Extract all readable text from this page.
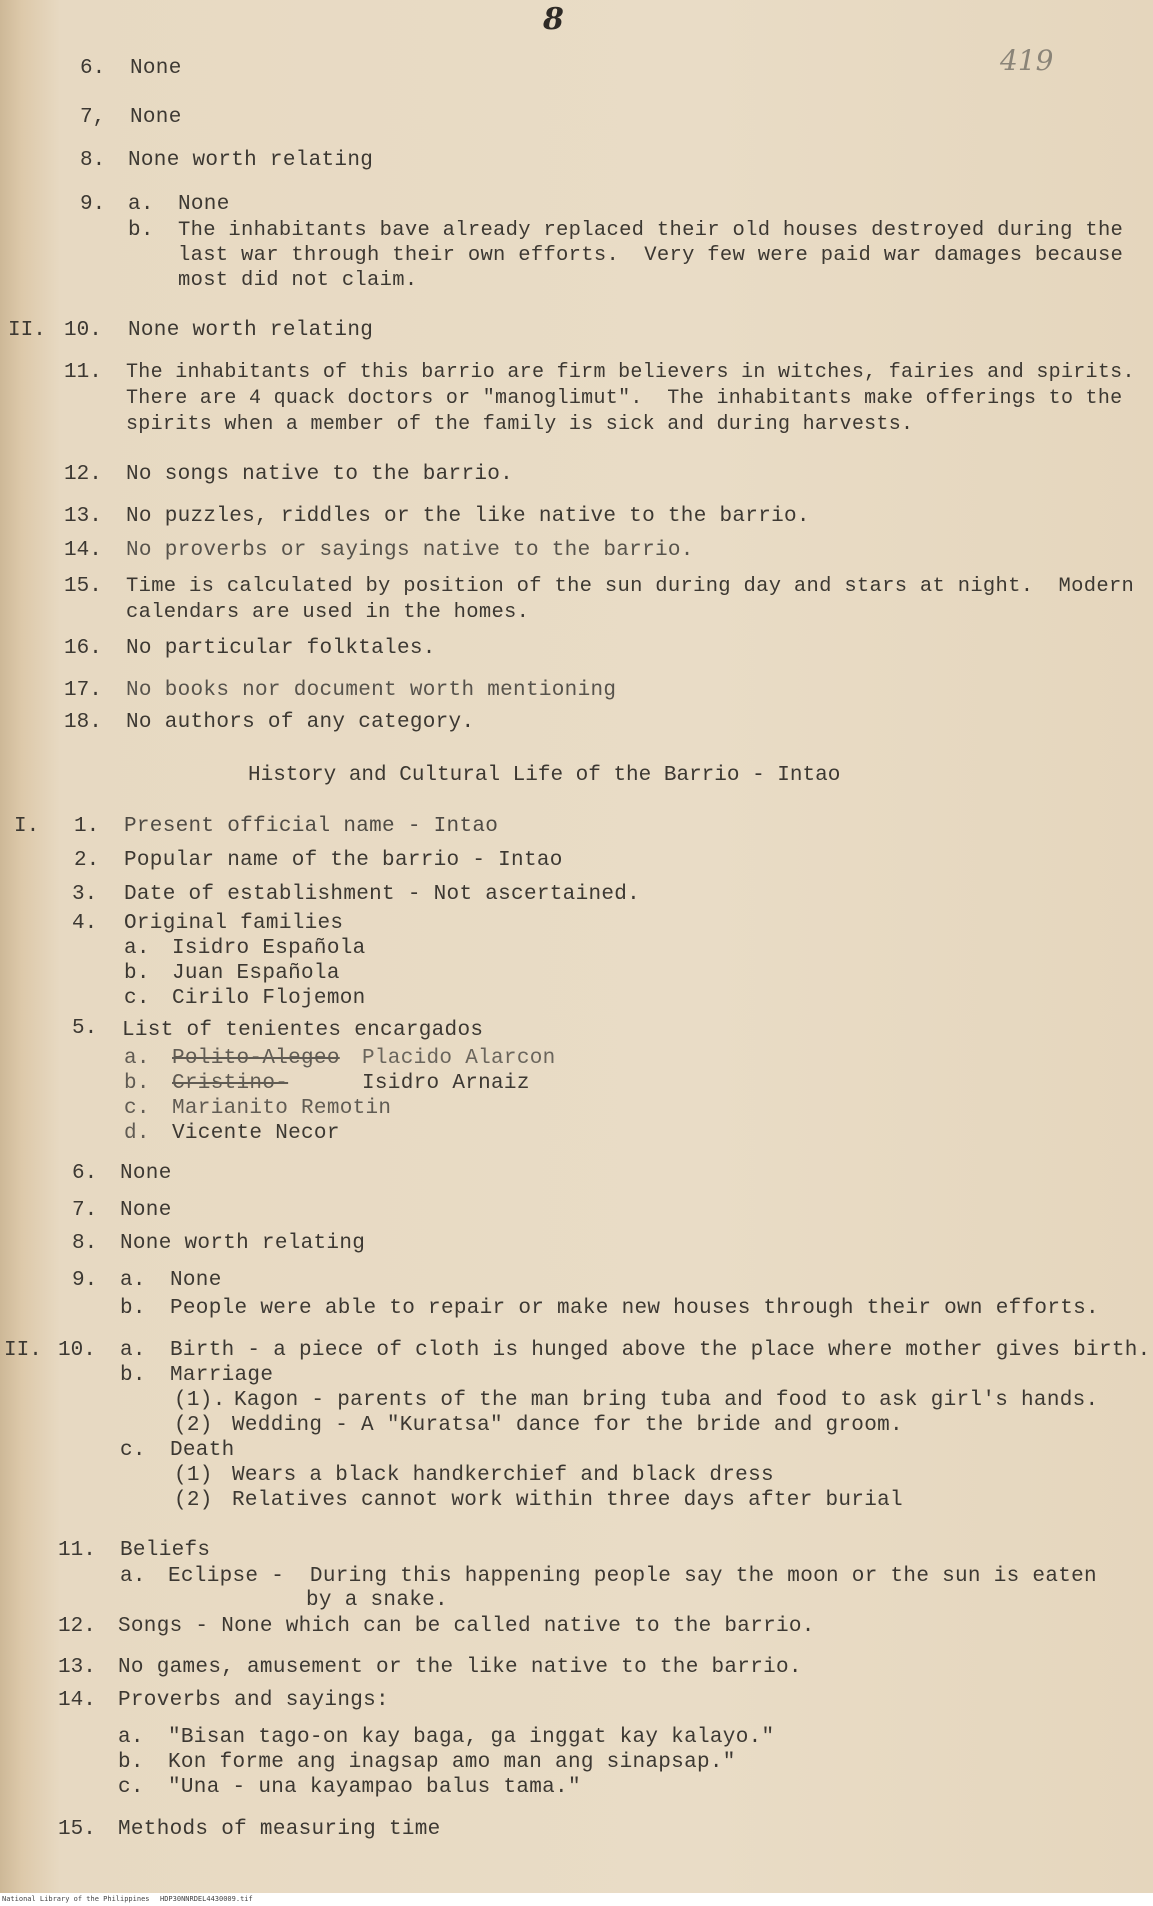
8
419
6. None
7, None
8. None worth relating
9. a. None
b. The inhabitants bave already replaced their old houses destroyed during the
last war through their own efforts.  Very few were paid war damages because
most did not claim.
II. 10. None worth relating
11. The inhabitants of this barrio are firm believers in witches, fairies and spirits.
There are 4 quack doctors or "manoglimut".  The inhabitants make offerings to the
spirits when a member of the family is sick and during harvests.
12. No songs native to the barrio.
13. No puzzles, riddles or the like native to the barrio.
14. No proverbs or sayings native to the barrio.
15. Time is calculated by position of the sun during day and stars at night.  Modern
calendars are used in the homes.
16. No particular folktales.
17. No books nor document worth mentioning
18. No authors of any category.
History and Cultural Life of the Barrio - Intao
I. 1. Present official name - Intao
2. Popular name of the barrio - Intao
3. Date of establishment - Not ascertained.
4. Original families
a. Isidro Española
b. Juan Española
c. Cirilo Flojemon
5. List of tenientes encargados
a. Polito-Alegeo Placido Alarcon
b. Cristino-	Isidro Arnaiz
c. Marianito Remotin
d. Vicente Necor
6. None
7. None
8. None worth relating
9. a. None
b. People were able to repair or make new houses through their own efforts.
II. 10. a. Birth - a piece of cloth is hunged above the place where mother gives birth.
b. Marriage
(1). Kagon - parents of the man bring tuba and food to ask girl's hands.
(2) Wedding - A "Kuratsa" dance for the bride and groom.
c. Death
(1) Wears a black handkerchief and black dress
(2) Relatives cannot work within three days after burial
11. Beliefs
a. Eclipse -  During this happening people say the moon or the sun is eaten
by a snake.
12. Songs - None which can be called native to the barrio.
13. No games, amusement or the like native to the barrio.
14. Proverbs and sayings:
a. "Bisan tago-on kay baga, ga inggat kay kalayo."
b. Kon forme ang inagsap amo man ang sinapsap."
c. "Una - una kayampao balus tama."
15. Methods of measuring time
National Library of the Philippines HDP30NNRDEL4430009.tif
